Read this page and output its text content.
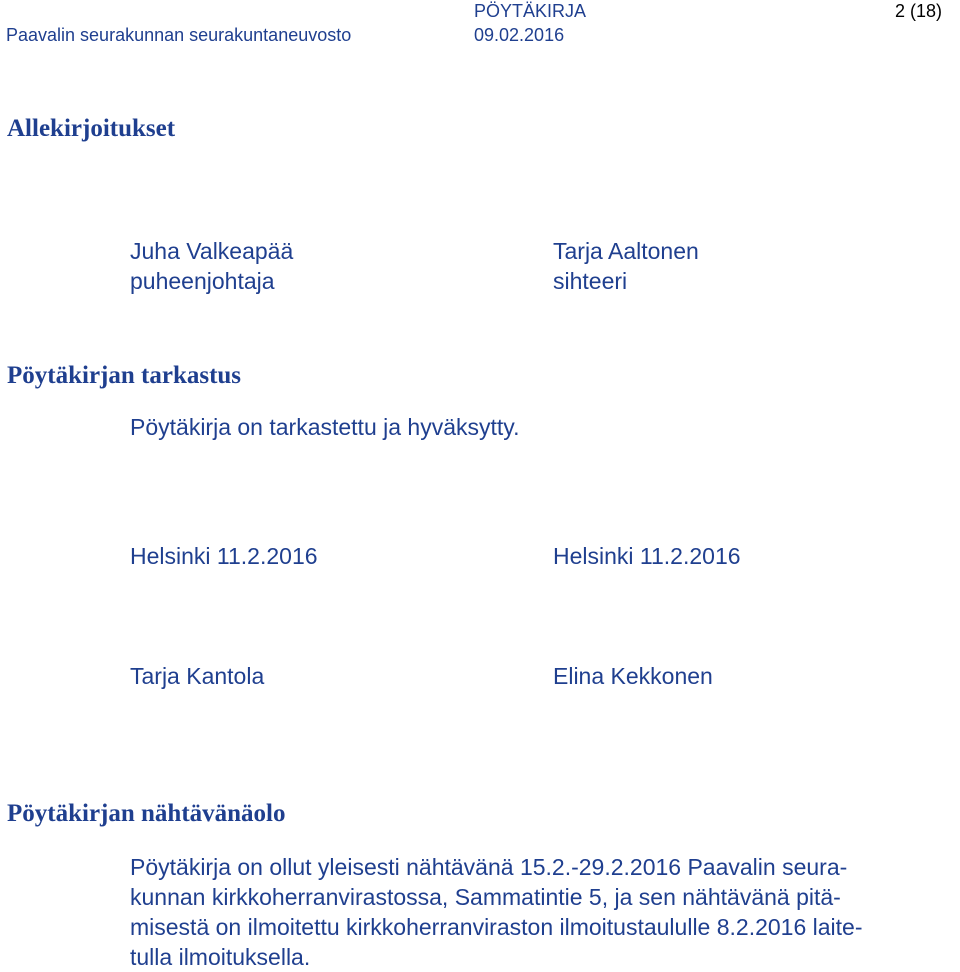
PÖYTÄKIRJA	2 (18)
Paavalin seurakunnan seurakuntaneuvosto	09.02.2016
Allekirjoitukset
Juha Valkeapää
puheenjohtaja
Tarja Aaltonen
sihteeri
Pöytäkirjan tarkastus
Pöytäkirja on tarkastettu ja hyväksytty.
Helsinki 11.2.2016	Helsinki 11.2.2016
Tarja Kantola	Elina Kekkonen
Pöytäkirjan nähtävänäolo
Pöytäkirja on ollut yleisesti nähtävänä 15.2.-29.2.2016 Paavalin seura-
kunnan kirkkoherranvirastossa, Sammatintie 5, ja sen nähtävänä pitä-
misestä on ilmoitettu kirkkoherranviraston ilmoitustaululle 8.2.2016 laite-
tulla ilmoituksella.
